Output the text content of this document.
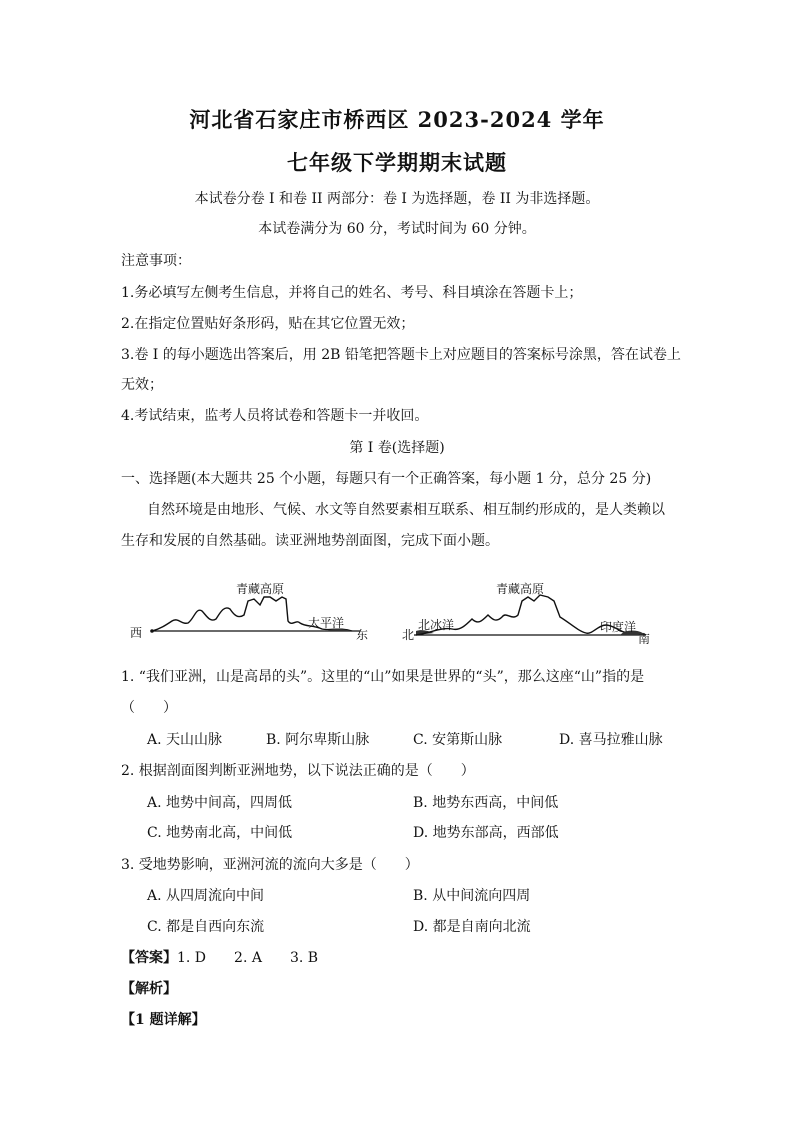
河北省石家庄市桥西区 2023-2024 学年
七年级下学期期末试题
本试卷分卷 I 和卷 II 两部分：卷 I 为选择题，卷 II 为非选择题。
本试卷满分为 60 分，考试时间为 60 分钟。
注意事项：
1.务必填写左侧考生信息，并将自己的姓名、考号、科目填涂在答题卡上；
2.在指定位置贴好条形码，贴在其它位置无效；
3.卷 I 的每小题选出答案后，用 2B 铅笔把答题卡上对应题目的答案标号涂黑，答在试卷上
无效；
4.考试结束，监考人员将试卷和答题卡一并收回。
第 I 卷(选择题)
一、选择题(本大题共 25 个小题，每题只有一个正确答案，每小题 1 分，总分 25 分)
自然环境是由地形、气候、水文等自然要素相互联系、相互制约形成的，是人类赖以
生存和发展的自然基础。读亚洲地势剖面图，完成下面小题。
西
青藏高原
太平洋
东	北
北冰洋
青藏高原
印度洋
南
1. “我们亚洲，山是高昂的头”。这里的“山”如果是世界的“头”，那么这座“山”指的是
（　　）
A. 天山山脉	B. 阿尔卑斯山脉	C. 安第斯山脉	D. 喜马拉雅山脉
2. 根据剖面图判断亚洲地势，以下说法正确的是（　　）
A. 地势中间高，四周低	B. 地势东西高，中间低
C. 地势南北高，中间低	D. 地势东部高，西部低
3. 受地势影响，亚洲河流的流向大多是（　　）
A. 从四周流向中间	B. 从中间流向四周
C. 都是自西向东流	D. 都是自南向北流
【答案】1. D　　2. A　　3. B
【解析】
【1 题详解】
